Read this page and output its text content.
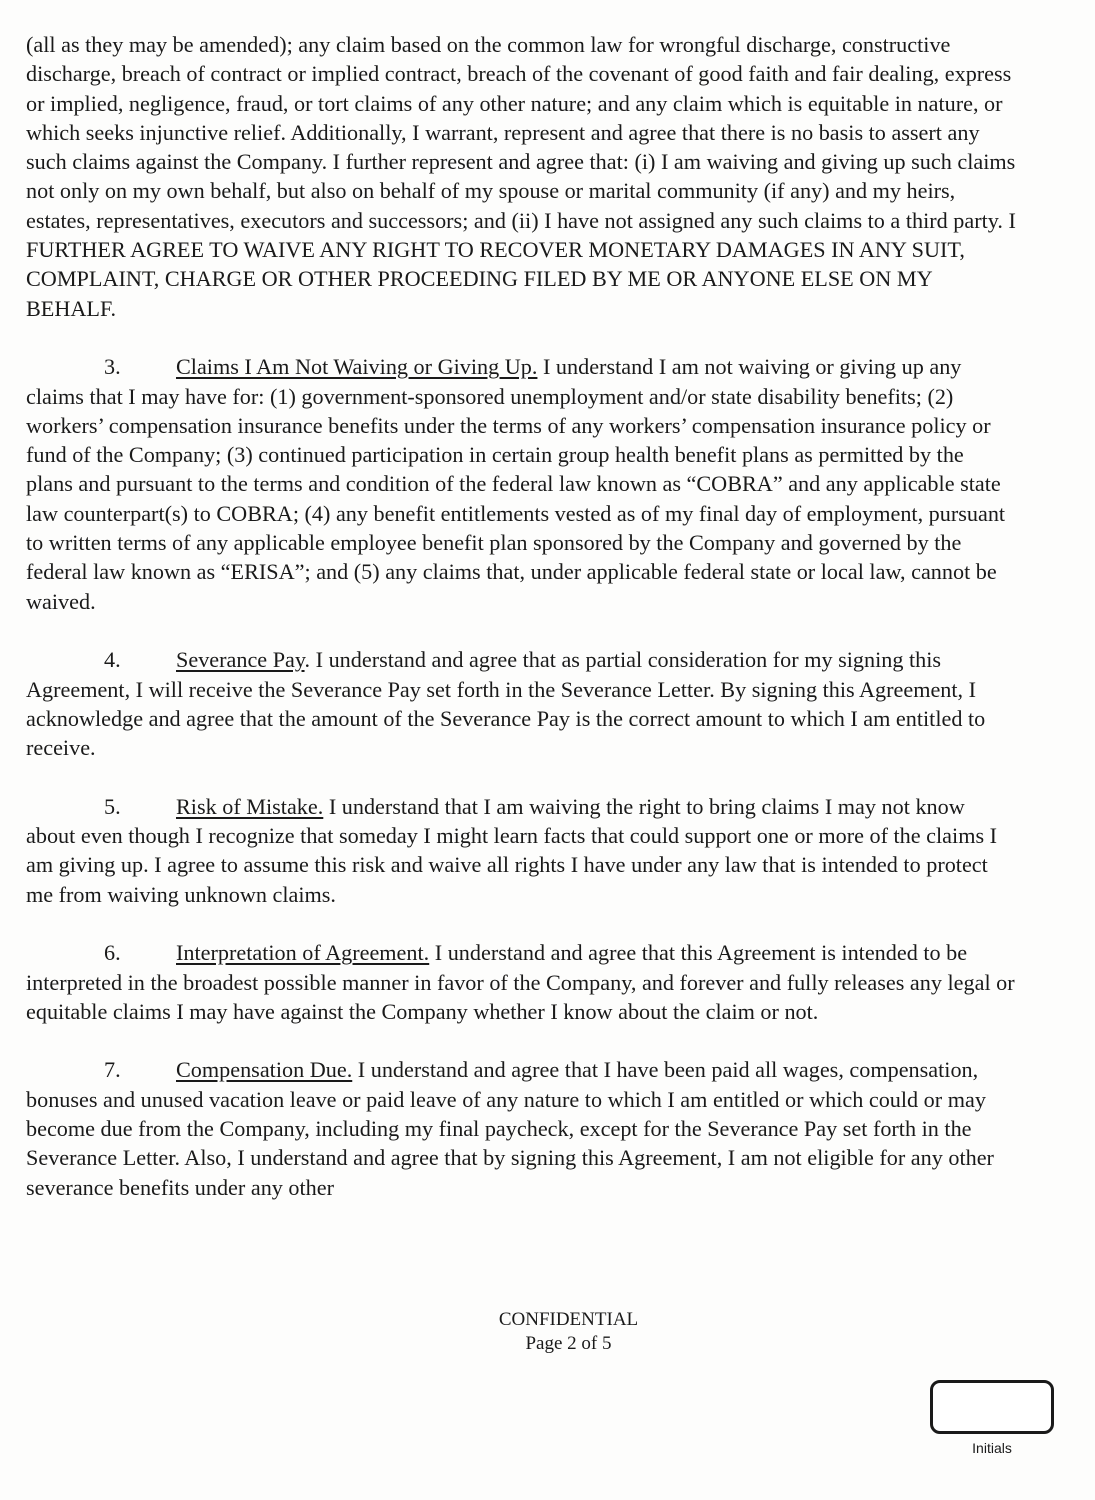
(all as they may be amended); any claim based on the common law for wrongful discharge, constructive discharge, breach of contract or implied contract, breach of the covenant of good faith and fair dealing, express or implied, negligence, fraud, or tort claims of any other nature; and any claim which is equitable in nature, or which seeks injunctive relief. Additionally, I warrant, represent and agree that there is no basis to assert any such claims against the Company. I further represent and agree that: (i) I am waiving and giving up such claims not only on my own behalf, but also on behalf of my spouse or marital community (if any) and my heirs, estates, representatives, executors and successors; and (ii) I have not assigned any such claims to a third party. I FURTHER AGREE TO WAIVE ANY RIGHT TO RECOVER MONETARY DAMAGES IN ANY SUIT, COMPLAINT, CHARGE OR OTHER PROCEEDING FILED BY ME OR ANYONE ELSE ON MY BEHALF.

3. Claims I Am Not Waiving or Giving Up. I understand I am not waiving or giving up any claims that I may have for: (1) government-sponsored unemployment and/or state disability benefits; (2) workers’ compensation insurance benefits under the terms of any workers’ compensation insurance policy or fund of the Company; (3) continued participation in certain group health benefit plans as permitted by the plans and pursuant to the terms and condition of the federal law known as “COBRA” and any applicable state law counterpart(s) to COBRA; (4) any benefit entitlements vested as of my final day of employment, pursuant to written terms of any applicable employee benefit plan sponsored by the Company and governed by the federal law known as “ERISA”; and (5) any claims that, under applicable federal state or local law, cannot be waived.

4. Severance Pay. I understand and agree that as partial consideration for my signing this Agreement, I will receive the Severance Pay set forth in the Severance Letter. By signing this Agreement, I acknowledge and agree that the amount of the Severance Pay is the correct amount to which I am entitled to receive.

5. Risk of Mistake. I understand that I am waiving the right to bring claims I may not know about even though I recognize that someday I might learn facts that could support one or more of the claims I am giving up. I agree to assume this risk and waive all rights I have under any law that is intended to protect me from waiving unknown claims.

6. Interpretation of Agreement. I understand and agree that this Agreement is intended to be interpreted in the broadest possible manner in favor of the Company, and forever and fully releases any legal or equitable claims I may have against the Company whether I know about the claim or not.

7. Compensation Due. I understand and agree that I have been paid all wages, compensation, bonuses and unused vacation leave or paid leave of any nature to which I am entitled or which could or may become due from the Company, including my final paycheck, except for the Severance Pay set forth in the Severance Letter. Also, I understand and agree that by signing this Agreement, I am not eligible for any other severance benefits under any other

CONFIDENTIAL
Page 2 of 5
Initials
